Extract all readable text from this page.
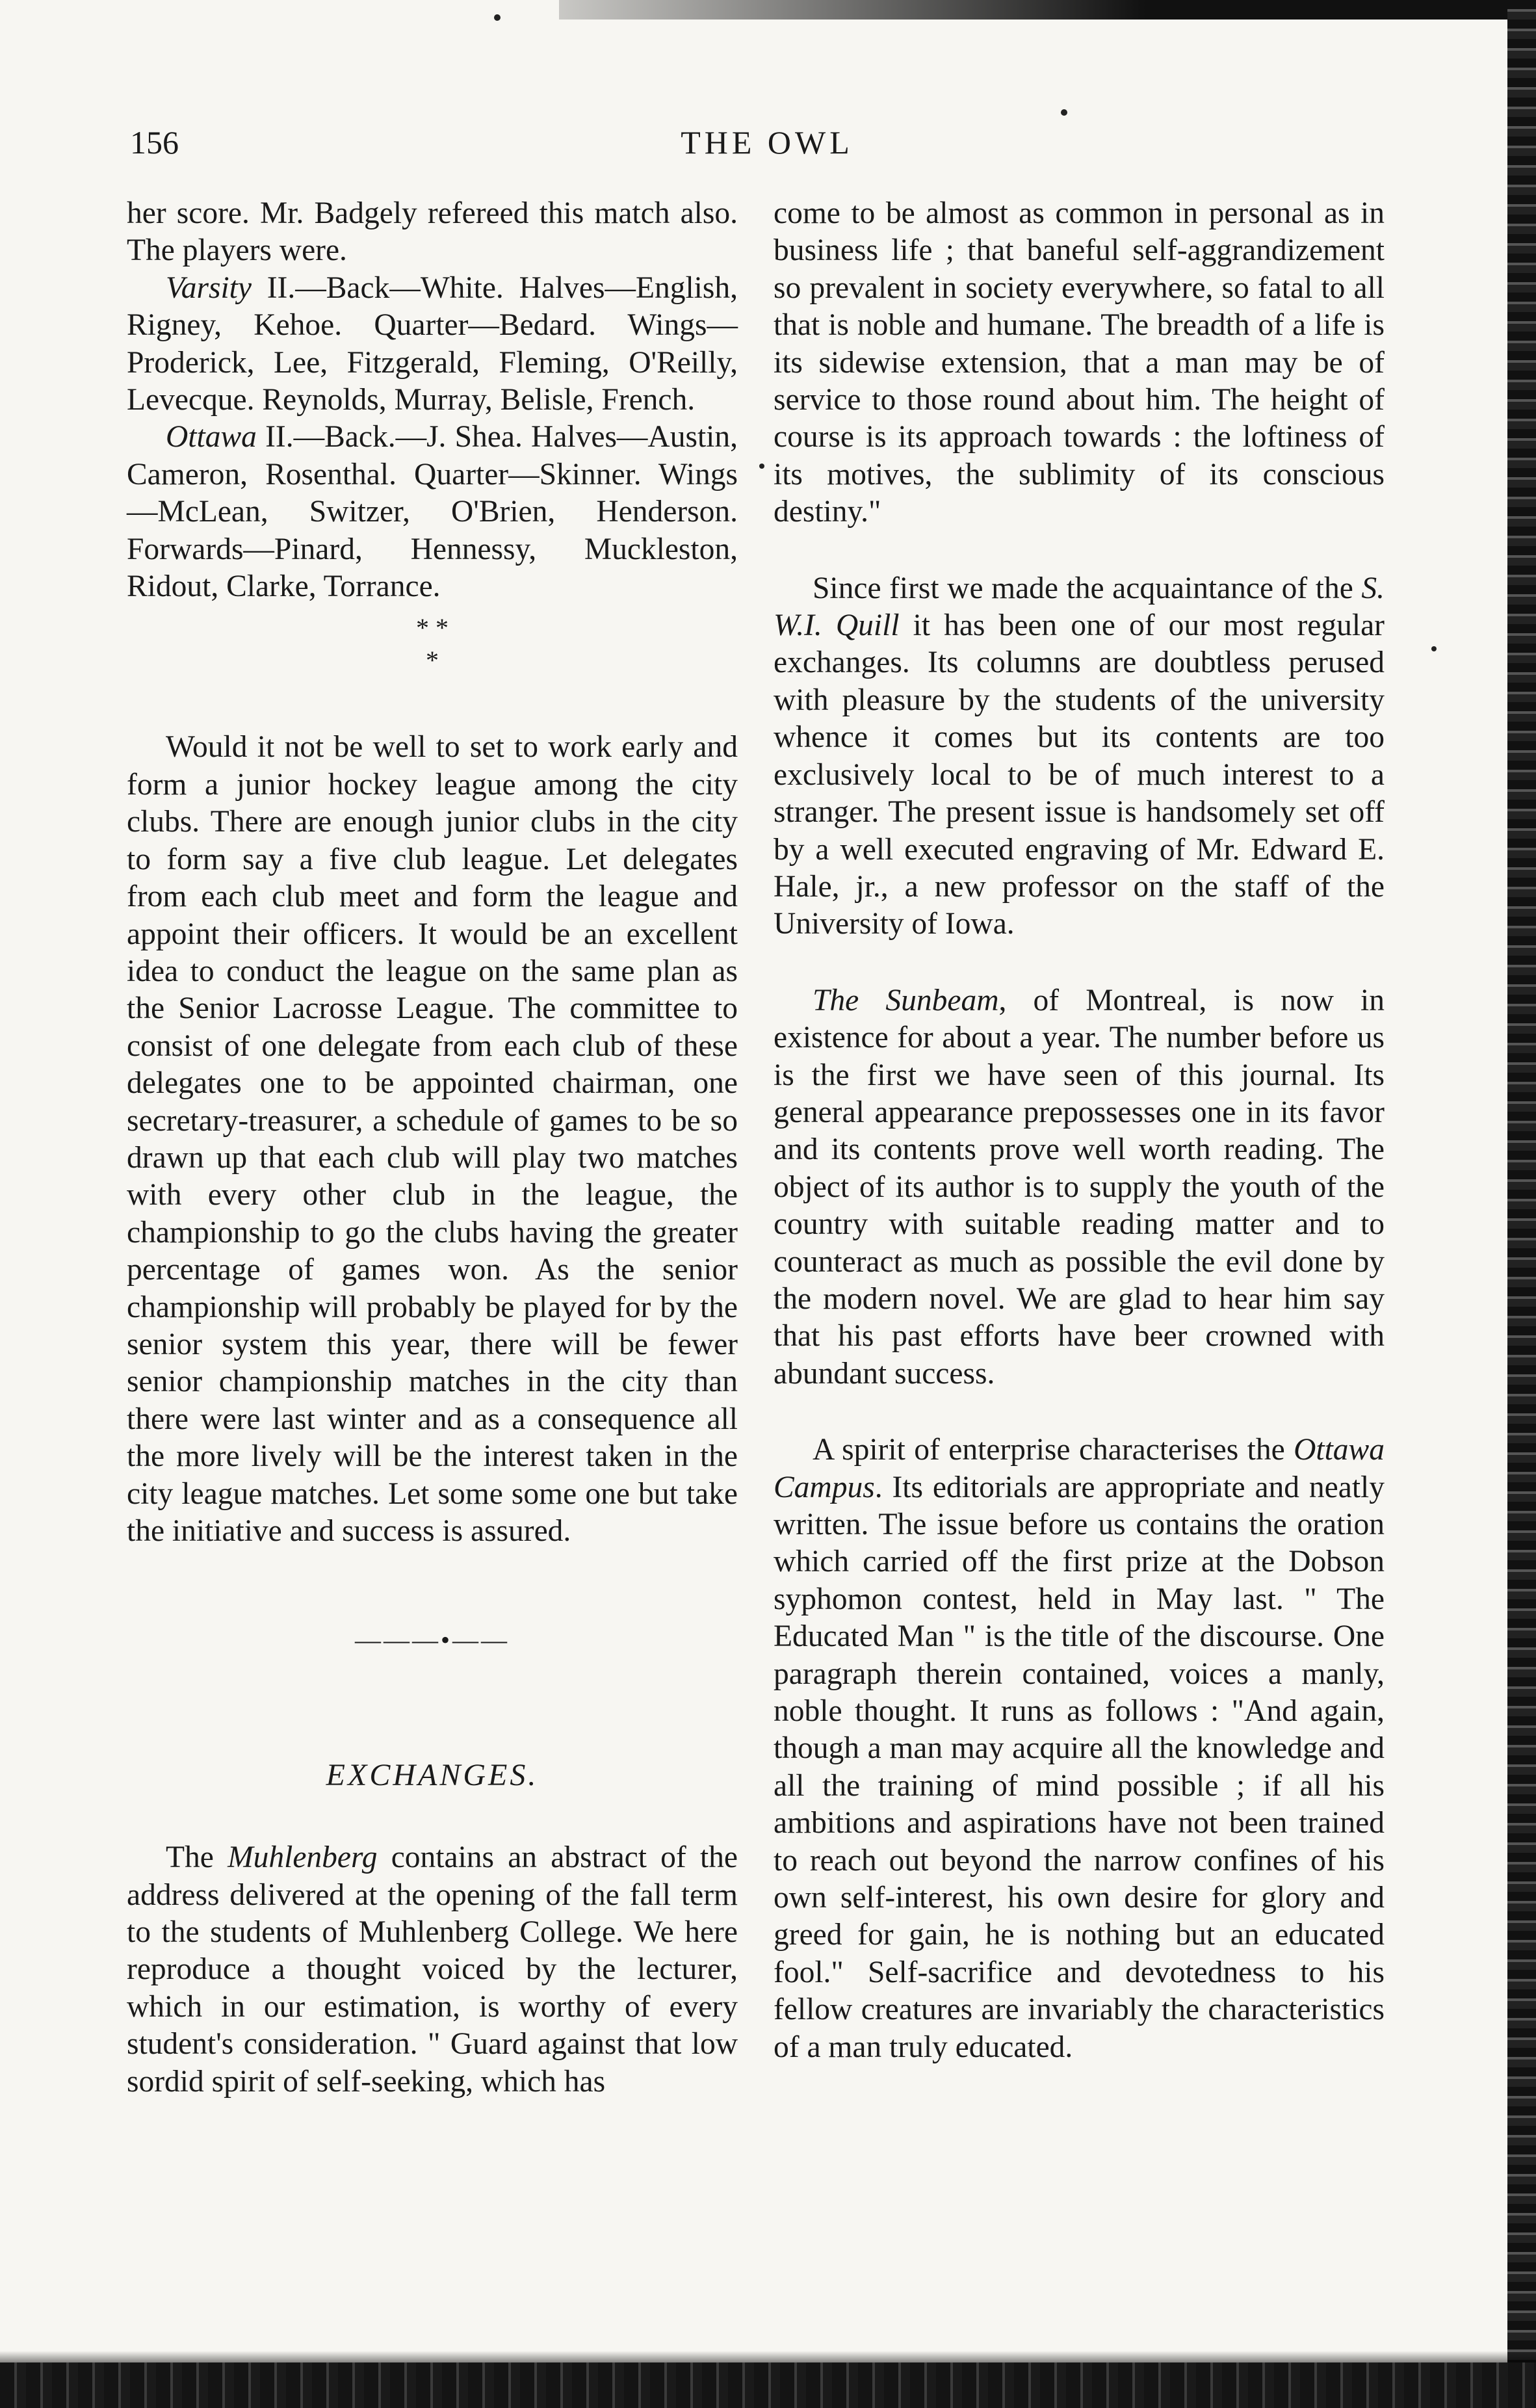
156	THE OWL

her score. Mr. Badgely refereed this match also. The players were.

Varsity II.—Back—White. Halves—English, Rigney, Kehoe. Quarter—Bedard. Wings—Proderick, Lee, Fitzgerald, Fleming, O'Reilly, Levecque. Reynolds, Murray, Belisle, French.

Ottawa II.—Back.—J. Shea. Halves—Austin, Cameron, Rosenthal. Quarter—Skinner. Wings—McLean, Switzer, O'Brien, Henderson. Forwards—Pinard, Hennessy, Muckleston, Ridout, Clarke, Torrance.

* *
*

Would it not be well to set to work early and form a junior hockey league among the city clubs. There are enough junior clubs in the city to form say a five club league. Let delegates from each club meet and form the league and appoint their officers. It would be an excellent idea to conduct the league on the same plan as the Senior Lacrosse League. The committee to consist of one delegate from each club of these delegates one to be appointed chairman, one secretary-treasurer, a schedule of games to be so drawn up that each club will play two matches with every other club in the league, the championship to go the clubs having the greater percentage of games won. As the senior championship will probably be played for by the senior system this year, there will be fewer senior championship matches in the city than there were last winter and as a consequence all the more lively will be the interest taken in the city league matches. Let some some one but take the initiative and success is assured.

———•——
EXCHANGES.

The Muhlenberg contains an abstract of the address delivered at the opening of the fall term to the students of Muhlenberg College. We here reproduce a thought voiced by the lecturer, which in our estimation, is worthy of every student's consideration. " Guard against that low sordid spirit of self-seeking, which has

come to be almost as common in personal as in business life ; that baneful self-aggrandizement so prevalent in society everywhere, so fatal to all that is noble and humane. The breadth of a life is its sidewise extension, that a man may be of service to those round about him. The height of course is its approach towards : the loftiness of its motives, the sublimity of its conscious destiny."

Since first we made the acquaintance of the S. W.I. Quill it has been one of our most regular exchanges. Its columns are doubtless perused with pleasure by the students of the university whence it comes but its contents are too exclusively local to be of much interest to a stranger. The present issue is handsomely set off by a well executed engraving of Mr. Edward E. Hale, jr., a new professor on the staff of the University of Iowa.

The Sunbeam, of Montreal, is now in existence for about a year. The number before us is the first we have seen of this journal. Its general appearance prepossesses one in its favor and its contents prove well worth reading. The object of its author is to supply the youth of the country with suitable reading matter and to counteract as much as possible the evil done by the modern novel. We are glad to hear him say that his past efforts have beer crowned with abundant success.

A spirit of enterprise characterises the Ottawa Campus. Its editorials are appropriate and neatly written. The issue before us contains the oration which carried off the first prize at the Dobson syphomon contest, held in May last. " The Educated Man " is the title of the discourse. One paragraph therein contained, voices a manly, noble thought. It runs as follows : "And again, though a man may acquire all the knowledge and all the training of mind possible ; if all his ambitions and aspirations have not been trained to reach out beyond the narrow confines of his own self-interest, his own desire for glory and greed for gain, he is nothing but an educated fool." Self-sacrifice and devotedness to his fellow creatures are invariably the characteristics of a man truly educated.
